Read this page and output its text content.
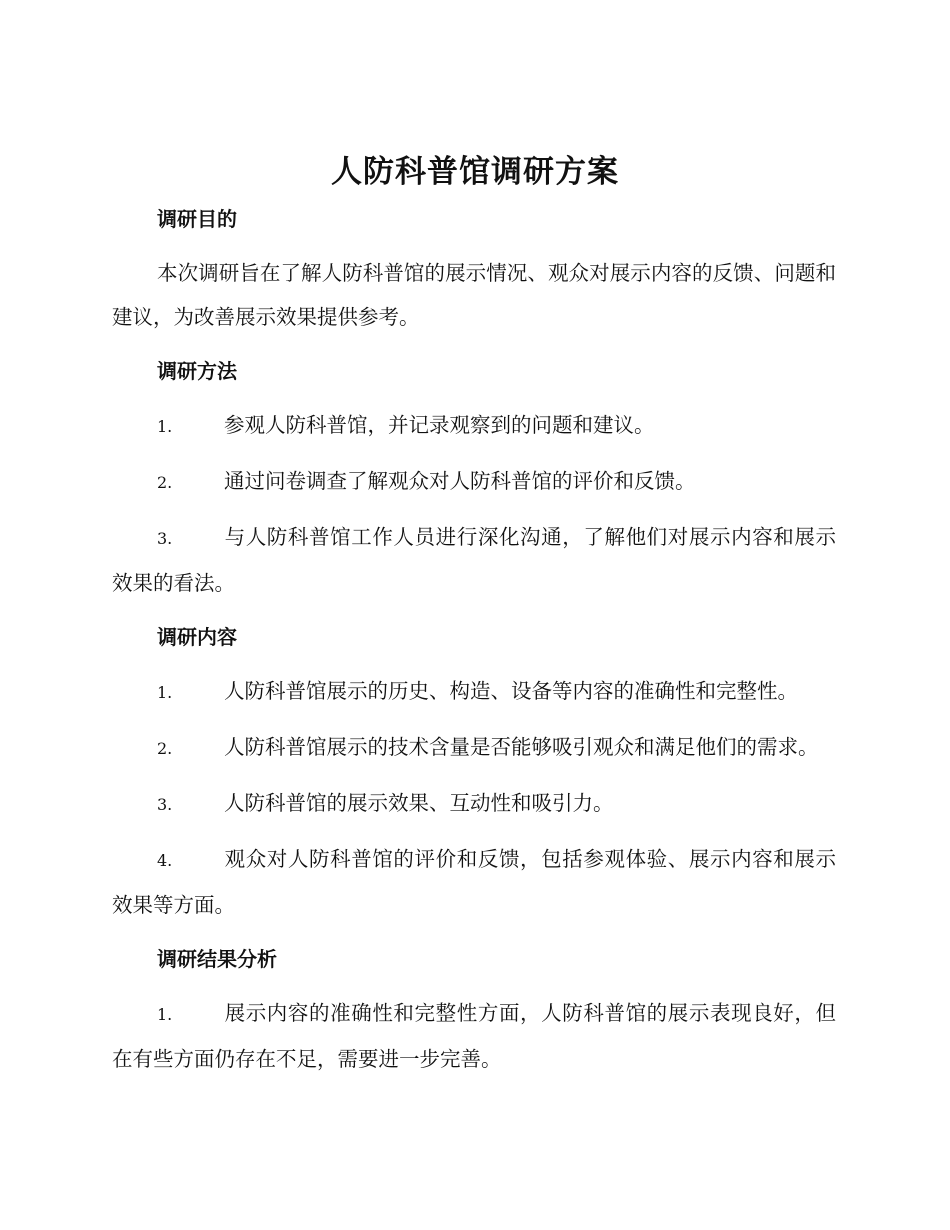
人防科普馆调研方案

调研目的

本次调研旨在了解人防科普馆的展示情况、观众对展示内容的反馈、问题和建议，为改善展示效果提供参考。

调研方法

1.	参观人防科普馆，并记录观察到的问题和建议。

2.	通过问卷调查了解观众对人防科普馆的评价和反馈。

3.	与人防科普馆工作人员进行深化沟通，了解他们对展示内容和展示效果的看法。

调研内容

1.	人防科普馆展示的历史、构造、设备等内容的准确性和完整性。

2.	人防科普馆展示的技术含量是否能够吸引观众和满足他们的需求。

3.	人防科普馆的展示效果、互动性和吸引力。

4.	观众对人防科普馆的评价和反馈，包括参观体验、展示内容和展示效果等方面。

调研结果分析

1.	展示内容的准确性和完整性方面，人防科普馆的展示表现良好，但在有些方面仍存在不足，需要进一步完善。
